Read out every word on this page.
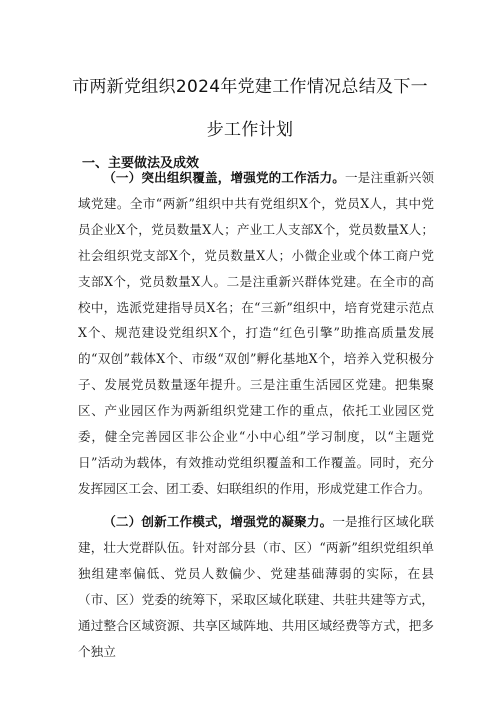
市两新党组织2024年党建工作情况总结及下一
步工作计划
一、主要做法及成效

（一）突出组织覆盖，增强党的工作活力。一是注重新兴领域党建。全市“两新”组织中共有党组织X个，党员X人，其中党员企业X个，党员数量X人；产业工人支部X个，党员数量X人；社会组织党支部X个，党员数量X人；小微企业或个体工商户党支部X个，党员数量X人。二是注重新兴群体党建。在全市的高校中，选派党建指导员X名；在“三新”组织中，培育党建示范点X个、规范建设党组织X个，打造“红色引擎”助推高质量发展的“双创”载体X个、市级“双创”孵化基地X个，培养入党积极分子、发展党员数量逐年提升。三是注重生活园区党建。把集聚区、产业园区作为两新组织党建工作的重点，依托工业园区党委，健全完善园区非公企业“小中心组”学习制度，以“主题党日”活动为载体，有效推动党组织覆盖和工作覆盖。同时，充分发挥园区工会、团工委、妇联组织的作用，形成党建工作合力。

（二）创新工作模式，增强党的凝聚力。一是推行区域化联建，壮大党群队伍。针对部分县（市、区）“两新”组织党组织单独组建率偏低、党员人数偏少、党建基础薄弱的实际，在县（市、区）党委的统筹下，采取区域化联建、共驻共建等方式，通过整合区域资源、共享区域阵地、共用区域经费等方式，把多个独立
